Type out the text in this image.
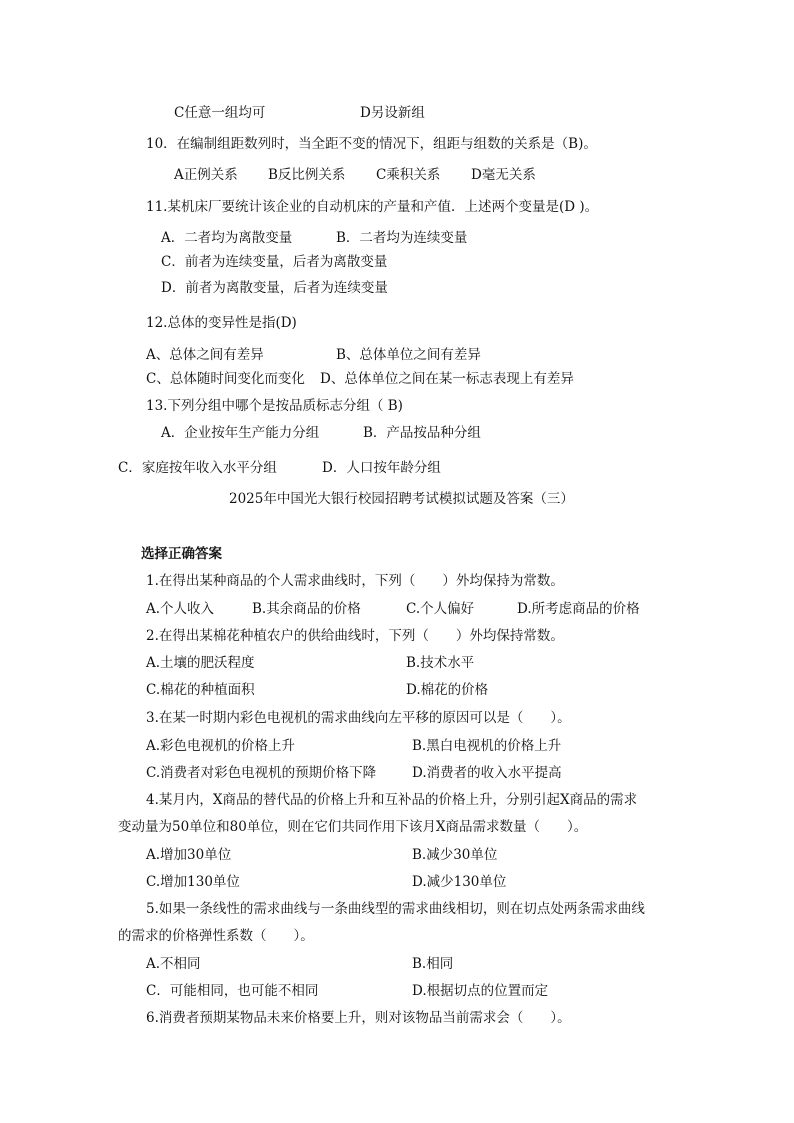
C任意一组均可	D另设新组
10．在编制组距数列时，当全距不变的情况下，组距与组数的关系是（B)。
A正例关系 B反比例关系 C乘积关系 D毫无关系
11.某机床厂要统计该企业的自动机床的产量和产值．上述两个变量是(D )。
A．二者均为离散变量	B．二者均为连续变量
C．前者为连续变量，后者为离散变量
D．前者为离散变量，后者为连续变量
12.总体的变异性是指(D)
A、总体之间有差异	B、总体单位之间有差异
C、总体随时间变化而变化 D、总体单位之间在某一标志表现上有差异
13.下列分组中哪个是按品质标志分组（ B)
A．企业按年生产能力分组	B．产品按品种分组
C．家庭按年收入水平分组	D．人口按年龄分组
2025年中国光大银行校园招聘考试模拟试题及答案（三）
选择正确答案
1.在得出某种商品的个人需求曲线时，下列（　　）外均保持为常数。
A.个人收入	B.其余商品的价格	C.个人偏好	D.所考虑商品的价格
2.在得出某棉花种植农户的供给曲线时，下列（　　）外均保持常数。
A.土壤的肥沃程度	B.技术水平
C.棉花的种植面积	D.棉花的价格
3.在某一时期内彩色电视机的需求曲线向左平移的原因可以是（　　）。
A.彩色电视机的价格上升	B.黑白电视机的价格上升
C.消费者对彩色电视机的预期价格下降	D.消费者的收入水平提高
4.某月内，X商品的替代品的价格上升和互补品的价格上升，分别引起X商品的需求
变动量为50单位和80单位，则在它们共同作用下该月X商品需求数量（　　）。
A.增加30单位	B.减少30单位
C.增加130单位	D.减少130单位
5.如果一条线性的需求曲线与一条曲线型的需求曲线相切，则在切点处两条需求曲线
的需求的价格弹性系数（　　）。
A.不相同	B.相同
C．可能相同，也可能不相同	D.根据切点的位置而定
6.消费者预期某物品未来价格要上升，则对该物品当前需求会（　　）。
